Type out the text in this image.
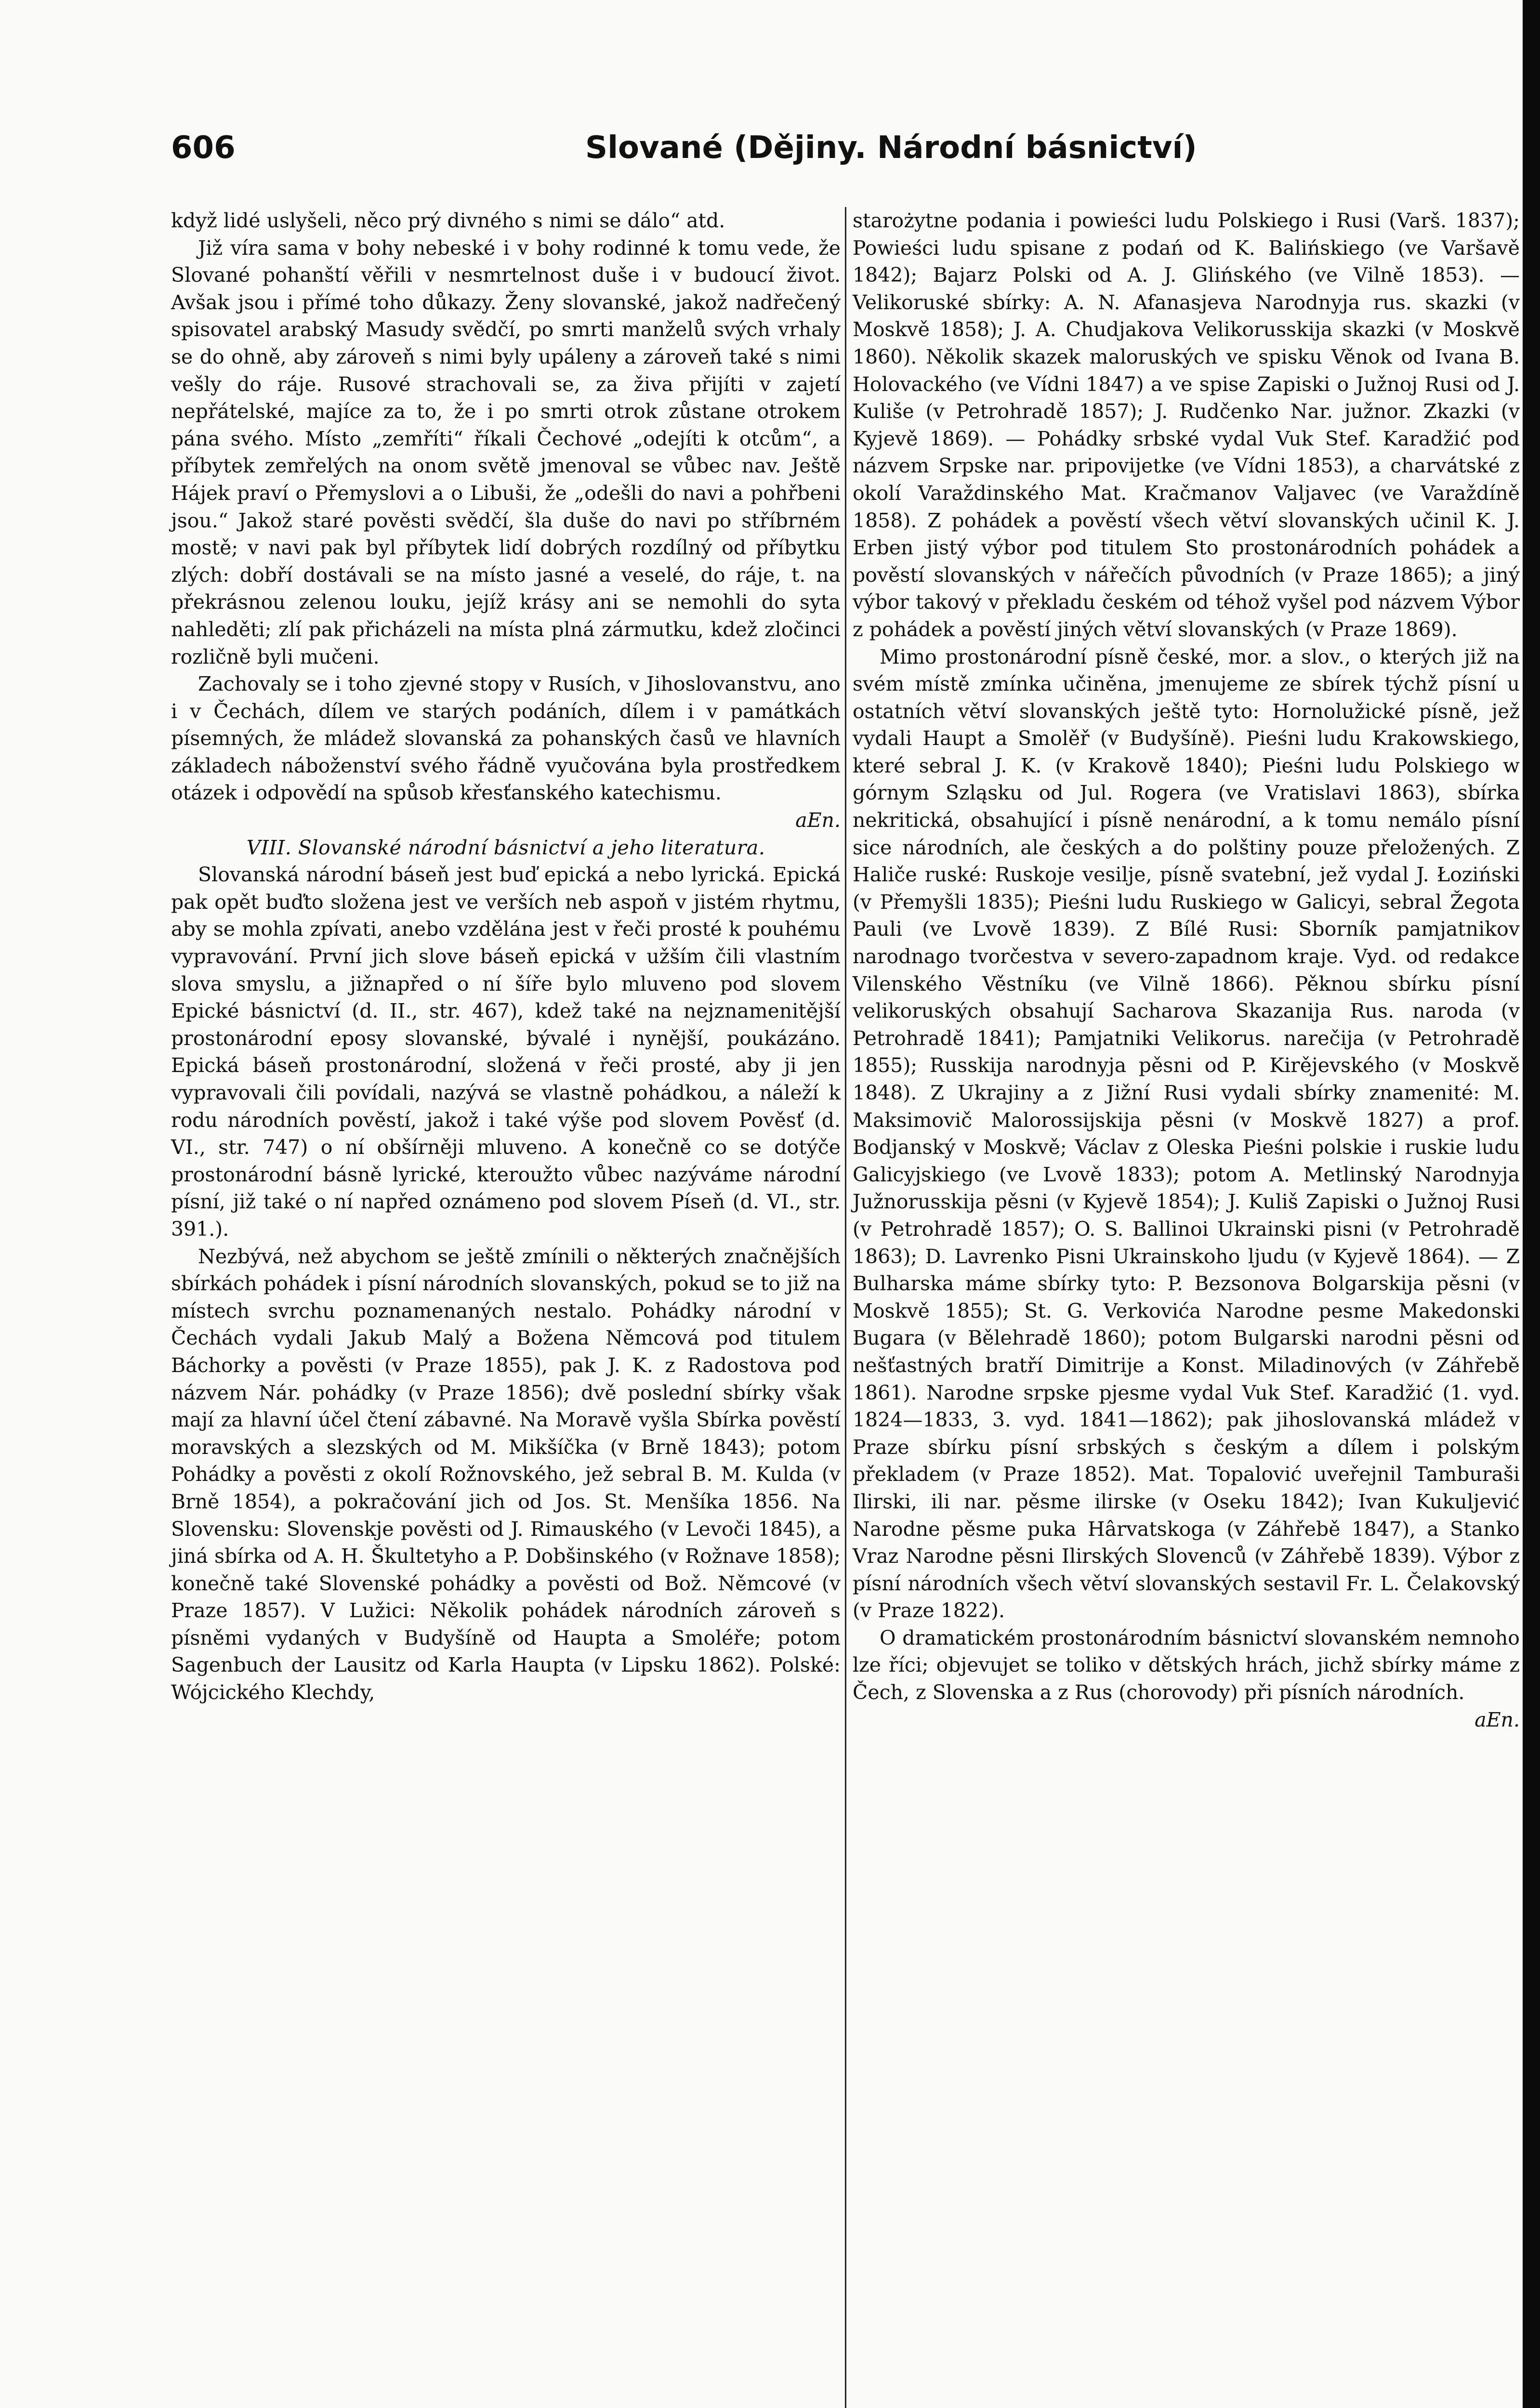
606	Slované (Dějiny. Národní básnictví)

když lidé uslyšeli, něco prý divného s nimi se dálo“ atd.

Již víra sama v bohy nebeské i v bohy rodinné k tomu vede, že Slované pohanští věřili v nesmrtelnost duše i v budoucí život. Avšak jsou i přímé toho důkazy. Ženy slovanské, jakož nadřečený spisovatel arabský Masudy svědčí, po smrti manželů svých vrhaly se do ohně, aby zároveň s nimi byly upáleny a zároveň také s nimi vešly do ráje. Rusové strachovali se, za živa přijíti v zajetí nepřátelské, majíce za to, že i po smrti otrok zůstane otrokem pána svého. Místo „zemříti“ říkali Čechové „odejíti k otcům“, a příbytek zemřelých na onom světě jmenoval se vůbec nav. Ještě Hájek praví o Přemyslovi a o Libuši, že „odešli do navi a pohřbeni jsou.“ Jakož staré pověsti svědčí, šla duše do navi po stříbrném mostě; v navi pak byl příbytek lidí dobrých rozdílný od příbytku zlých: dobří dostávali se na místo jasné a veselé, do ráje, t. na překrásnou zelenou louku, jejíž krásy ani se nemohli do syta nahleděti; zlí pak přicházeli na místa plná zármutku, kdež zločinci rozličně byli mučeni.

Zachovaly se i toho zjevné stopy v Rusích, v Jihoslovanstvu, ano i v Čechách, dílem ve starých podáních, dílem i v památkách písemných, že mládež slovanská za pohanských časů ve hlavních základech náboženství svého řádně vyučována byla prostředkem otázek i odpovědí na spůsob křesťanského katechismu.

aEn.

VIII. Slovanské národní básnictví a jeho literatura.

Slovanská národní báseň jest buď epická a nebo lyrická. Epická pak opět buďto složena jest ve verších neb aspoň v jistém rhytmu, aby se mohla zpívati, anebo vzdělána jest v řeči prosté k pouhému vypravování. První jich slove báseň epická v užším čili vlastním slova smyslu, a jižnapřed o ní šíře bylo mluveno pod slovem Epické básnictví (d. II., str. 467), kdež také na nejznamenitější prostonárodní eposy slovanské, bývalé i nynější, poukázáno. Epická báseň prostonárodní, složená v řeči prosté, aby ji jen vypravovali čili povídali, nazývá se vlastně pohádkou, a náleží k rodu národních pověstí, jakož i také výše pod slovem Pověsť (d. VI., str. 747) o ní obšírněji mluveno. A konečně co se dotýče prostonárodní básně lyrické, kteroužto vůbec nazýváme národní písní, již také o ní napřed oznámeno pod slovem Píseň (d. VI., str. 391.).

Nezbývá, než abychom se ještě zmínili o některých značnějších sbírkách pohádek i písní národních slovanských, pokud se to již na místech svrchu poznamenaných nestalo. Pohádky národní v Čechách vydali Jakub Malý a Božena Němcová pod titulem Báchorky a pověsti (v Praze 1855), pak J. K. z Radostova pod názvem Nár. pohádky (v Praze 1856); dvě poslední sbírky však mají za hlavní účel čtení zábavné. Na Moravě vyšla Sbírka pověstí moravských a slezských od M. Mikšíčka (v Brně 1843); potom Pohádky a pověsti z okolí Rožnovského, jež sebral B. M. Kulda (v Brně 1854), a pokračování jich od Jos. St. Menšíka 1856. Na Slovensku: Slovenskje pověsti od J. Rimauského (v Levoči 1845), a jiná sbírka od A. H. Škultetyho a P. Dobšinského (v Rožnave 1858); konečně také Slovenské pohádky a pověsti od Bož. Němcové (v Praze 1857). V Lužici: Několik pohádek národních zároveň s písněmi vydaných v Budyšíně od Haupta a Smoléře; potom Sagenbuch der Lausitz od Karla Haupta (v Lipsku 1862). Polské: Wójcického Klechdy,

starożytne podania i powieści ludu Polskiego i Rusi (Varš. 1837); Powieści ludu spisane z podań od K. Balińskiego (ve Varšavě 1842); Bajarz Polski od A. J. Glińského (ve Vilně 1853). — Velikoruské sbírky: A. N. Afanasjeva Narodnyja rus. skazki (v Moskvě 1858); J. A. Chudjakova Velikorusskija skazki (v Moskvě 1860). Několik skazek maloruských ve spisku Věnok od Ivana B. Holovackého (ve Vídni 1847) a ve spise Zapiski o Južnoj Rusi od J. Kuliše (v Petrohradě 1857); J. Rudčenko Nar. južnor. Zkazki (v Kyjevě 1869). — Pohádky srbské vydal Vuk Stef. Karadžić pod názvem Srpske nar. pripovijetke (ve Vídni 1853), a charvátské z okolí Varaždinského Mat. Kračmanov Valjavec (ve Varaždíně 1858). Z pohádek a pověstí všech větví slovanských učinil K. J. Erben jistý výbor pod titulem Sto prostonárodních pohádek a pověstí slovanských v nářečích původních (v Praze 1865); a jiný výbor takový v překladu českém od téhož vyšel pod názvem Výbor z pohádek a pověstí jiných větví slovanských (v Praze 1869).

Mimo prostonárodní písně české, mor. a slov., o kterých již na svém místě zmínka učiněna, jmenujeme ze sbírek týchž písní u ostatních větví slovanských ještě tyto: Hornolužické písně, jež vydali Haupt a Smolěř (v Budyšíně). Pieśni ludu Krakowskiego, které sebral J. K. (v Krakově 1840); Pieśni ludu Polskiego w górnym Szląsku od Jul. Rogera (ve Vratislavi 1863), sbírka nekritická, obsahující i písně nenárodní, a k tomu nemálo písní sice národních, ale českých a do polštiny pouze přeložených. Z Haliče ruské: Ruskoje vesilje, písně svatební, jež vydal J. Łoziński (v Přemyšli 1835); Pieśni ludu Ruskiego w Galicyi, sebral Žegota Pauli (ve Lvově 1839). Z Bílé Rusi: Sborník pamjatnikov narodnago tvorčestva v severo-zapadnom kraje. Vyd. od redakce Vilenského Věstníku (ve Vilně 1866). Pěknou sbírku písní velikoruských obsahují Sacharova Skazanija Rus. naroda (v Petrohradě 1841); Pamjatniki Velikorus. narečija (v Petrohradě 1855); Russkija narodnyja pěsni od P. Kirějevského (v Moskvě 1848). Z Ukrajiny a z Jižní Rusi vydali sbírky znamenité: M. Maksimovič Malorossijskija pěsni (v Moskvě 1827) a prof. Bodjanský v Moskvě; Václav z Oleska Pieśni polskie i ruskie ludu Galicyjskiego (ve Lvově 1833); potom A. Metlinský Narodnyja Južnorusskija pěsni (v Kyjevě 1854); J. Kuliš Zapiski o Južnoj Rusi (v Petrohradě 1857); O. S. Ballinoi Ukrainski pisni (v Petrohradě 1863); D. Lavrenko Pisni Ukrainskoho ljudu (v Kyjevě 1864). — Z Bulharska máme sbírky tyto: P. Bezsonova Bolgarskija pěsni (v Moskvě 1855); St. G. Verkovića Narodne pesme Makedonski Bugara (v Bělehradě 1860); potom Bulgarski narodni pěsni od nešťastných bratří Dimitrije a Konst. Miladinových (v Záhřebě 1861). Narodne srpske pjesme vydal Vuk Stef. Karadžić (1. vyd. 1824—1833, 3. vyd. 1841—1862); pak jihoslovanská mládež v Praze sbírku písní srbských s českým a dílem i polským překladem (v Praze 1852). Mat. Topalović uveřejnil Tamburaši Ilirski, ili nar. pěsme ilirske (v Oseku 1842); Ivan Kukuljević Narodne pěsme puka Hârvatskoga (v Záhřebě 1847), a Stanko Vraz Narodne pěsni Ilirských Slovenců (v Záhřebě 1839). Výbor z písní národních všech větví slovanských sestavil Fr. L. Čelakovský (v Praze 1822).

O dramatickém prostonárodním básnictví slovanském nemnoho lze říci; objevujet se toliko v dětských hrách, jichž sbírky máme z Čech, z Slovenska a z Rus (chorovody) při písních národních.

aEn.
